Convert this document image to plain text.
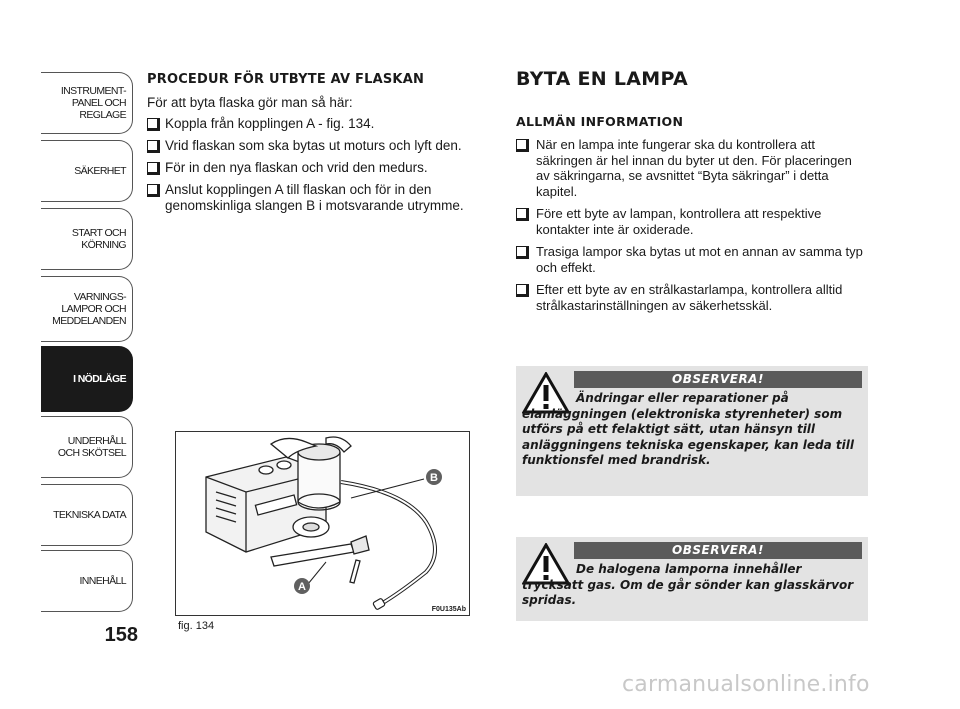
INSTRUMENT-
PANEL OCH
REGLAGE
SÄKERHET
START OCH
KÖRNING
VARNINGS-
LAMPOR OCH
MEDDELANDEN
I NÖDLÄGE
UNDERHÅLL
OCH SKÖTSEL
TEKNISKA DATA
INNEHÅLL
158
PROCEDUR FÖR UTBYTE AV FLASKAN

För att byta flaska gör man så här:

Koppla från kopplingen A - fig. 134.
Vrid flaskan som ska bytas ut moturs och lyft den.
För in den nya flaskan och vrid den medurs.
Anslut kopplingen A till flaskan och för in den genomskinliga slangen B i motsvarande utrymme.
B
A
F0U135Ab
fig. 134
BYTA EN LAMPA
ALLMÄN INFORMATION
När en lampa inte fungerar ska du kontrollera att säkringen är hel innan du byter ut den. För placeringen av säkringarna, se avsnittet “Byta säkringar” i detta kapitel.
Före ett byte av lampan, kontrollera att respektive kontakter inte är oxiderade.
Trasiga lampor ska bytas ut mot en annan av samma typ och effekt.
Efter ett byte av en strålkastarlampa, kontrollera alltid strålkastarinställningen av säkerhetsskäl.
OBSERVERA!

Ändringar eller reparationer på elanläggningen (elektroniska styrenheter) som utförs på ett felaktigt sätt, utan hänsyn till anläggningens tekniska egenskaper, kan leda till funktionsfel med brandrisk.

OBSERVERA!

De halogena lamporna innehåller trycksatt gas. Om de går sönder kan glasskärvor spridas.

carmanualsonline.info
